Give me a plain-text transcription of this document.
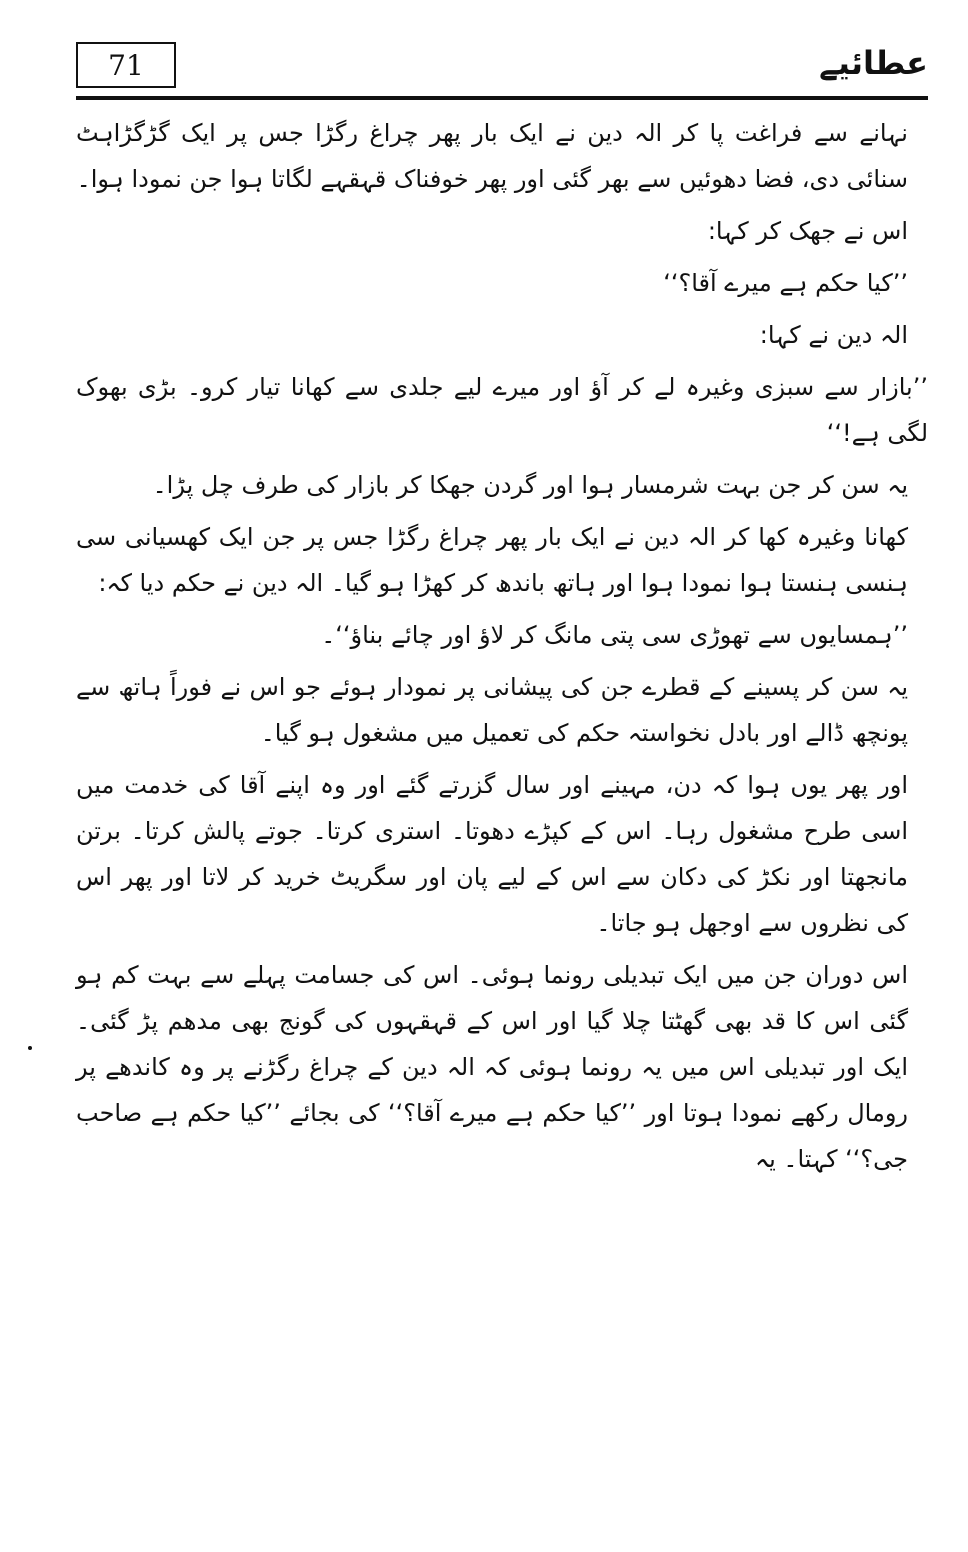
71	عطائیے

نہانے سے فراغت پا کر الہ دین نے ایک بار پھر چراغ رگڑا جس پر ایک گڑگڑاہٹ سنائی دی، فضا دھوئیں سے بھر گئی اور پھر خوفناک قہقہے لگاتا ہوا جن نمودا ہوا۔

اس نے جھک کر کہا:

’’کیا حکم ہے میرے آقا؟‘‘

الہ دین نے کہا:

’’بازار سے سبزی وغیرہ لے کر آؤ اور میرے لیے جلدی سے کھانا تیار کرو۔ بڑی بھوک لگی ہے!‘‘

یہ سن کر جن بہت شرمسار ہوا اور گردن جھکا کر بازار کی طرف چل پڑا۔

کھانا وغیرہ کھا کر الہ دین نے ایک بار پھر چراغ رگڑا جس پر جن ایک کھسیانی سی ہنسی ہنستا ہوا نمودا ہوا اور ہاتھ باندھ کر کھڑا ہو گیا۔ الہ دین نے حکم دیا کہ:

’’ہمسایوں سے تھوڑی سی پتی مانگ کر لاؤ اور چائے بناؤ‘‘۔

یہ سن کر پسینے کے قطرے جن کی پیشانی پر نمودار ہوئے جو اس نے فوراً ہاتھ سے پونچھ ڈالے اور بادل نخواستہ حکم کی تعمیل میں مشغول ہو گیا۔

اور پھر یوں ہوا کہ دن، مہینے اور سال گزرتے گئے اور وہ اپنے آقا کی خدمت میں اسی طرح مشغول رہا۔ اس کے کپڑے دھوتا۔ استری کرتا۔ جوتے پالش کرتا۔ برتن مانجھتا اور نکڑ کی دکان سے اس کے لیے پان اور سگریٹ خرید کر لاتا اور پھر اس کی نظروں سے اوجھل ہو جاتا۔

اس دوران جن میں ایک تبدیلی رونما ہوئی۔ اس کی جسامت پہلے سے بہت کم ہو گئی اس کا قد بھی گھٹتا چلا گیا اور اس کے قہقہوں کی گونج بھی مدھم پڑ گئی۔ ایک اور تبدیلی اس میں یہ رونما ہوئی کہ الہ دین کے چراغ رگڑنے پر وہ کاندھے پر رومال رکھے نمودا ہوتا اور ’’کیا حکم ہے میرے آقا؟‘‘ کی بجائے ’’کیا حکم ہے صاحب جی؟‘‘ کہتا۔ یہ
